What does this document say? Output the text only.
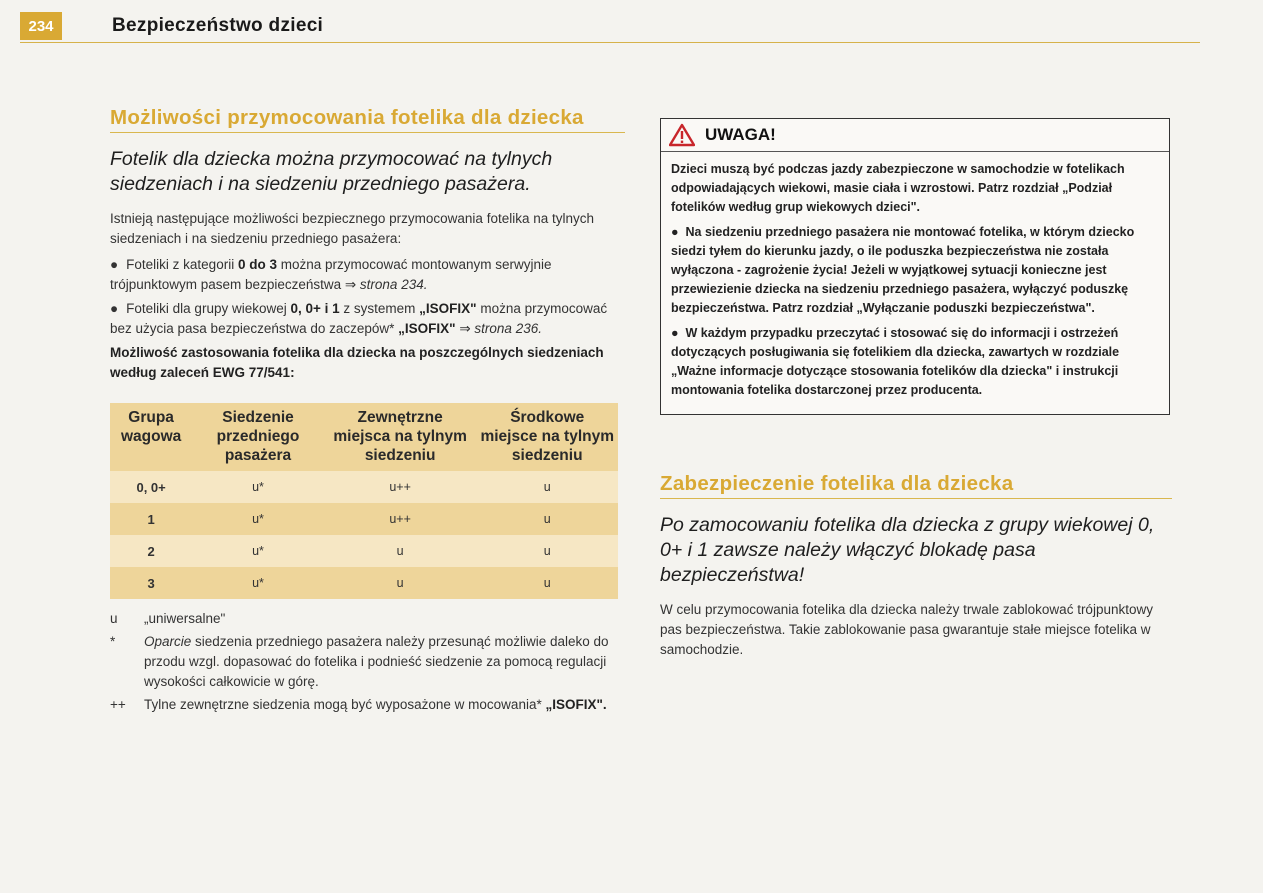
234	Bezpieczeństwo dzieci
Możliwości przymocowania fotelika dla dziecka

Fotelik dla dziecka można przymocować na tylnych siedzeniach i na siedzeniu przedniego pasażera.

Istnieją następujące możliwości bezpiecznego przymocowania fotelika na tylnych siedzeniach i na siedzeniu przedniego pasażera:

● Foteliki z kategorii 0 do 3 można przymocować montowanym serwyjnie trójpunktowym pasem bezpieczeństwa ⇒ strona 234.

● Foteliki dla grupy wiekowej 0, 0+ i 1 z systemem „ISOFIX" można przymocować bez użycia pasa bezpieczeństwa do zaczepów* „ISOFIX" ⇒ strona 236.

Możliwość zastosowania fotelika dla dziecka na poszczególnych siedzeniach według zaleceń EWG 77/541:

Grupa wagowa	Siedzenie przedniego pasażera	Zewnętrzne miejsca na tylnym siedzeniu	Środkowe miejsce na tylnym siedzeniu
0, 0+	u*	u++	u
1	u*	u++	u
2	u*	u	u
3	u*	u	u
u	„uniwersalne"
*	Oparcie siedzenia przedniego pasażera należy przesunąć możliwie daleko do przodu wzgl. dopasować do fotelika i podnieść siedzenie za pomocą regulacji wysokości całkowicie w górę.
++	Tylne zewnętrzne siedzenia mogą być wyposażone w mocowania* „ISOFIX".
UWAGA!

Dzieci muszą być podczas jazdy zabezpieczone w samochodzie w fotelikach odpowiadających wiekowi, masie ciała i wzrostowi. Patrz rozdział „Podział fotelików według grup wiekowych dzieci".

●  Na siedzeniu przedniego pasażera nie montować fotelika, w którym dziecko siedzi tyłem do kierunku jazdy, o ile poduszka bezpieczeństwa nie została wyłączona - zagrożenie życia! Jeżeli w wyjątkowej sytuacji konieczne jest przewiezienie dziecka na siedzeniu przedniego pasażera, wyłączyć poduszkę bezpieczeństwa. Patrz rozdział „Wyłączanie poduszki bezpieczeństwa".

●  W każdym przypadku przeczytać i stosować się do informacji i ostrzeżeń dotyczących posługiwania się fotelikiem dla dziecka, zawartych w rozdziale „Ważne informacje dotyczące stosowania fotelików dla dziecka" i instrukcji montowania fotelika dostarczonej przez producenta.

Zabezpieczenie fotelika dla dziecka

Po zamocowaniu fotelika dla dziecka z grupy wiekowej 0, 0+ i 1 zawsze należy włączyć blokadę pasa bezpieczeństwa!

W celu przymocowania fotelika dla dziecka należy trwale zablokować trójpunktowy pas bezpieczeństwa. Takie zablokowanie pasa gwarantuje stałe miejsce fotelika w samochodzie.
